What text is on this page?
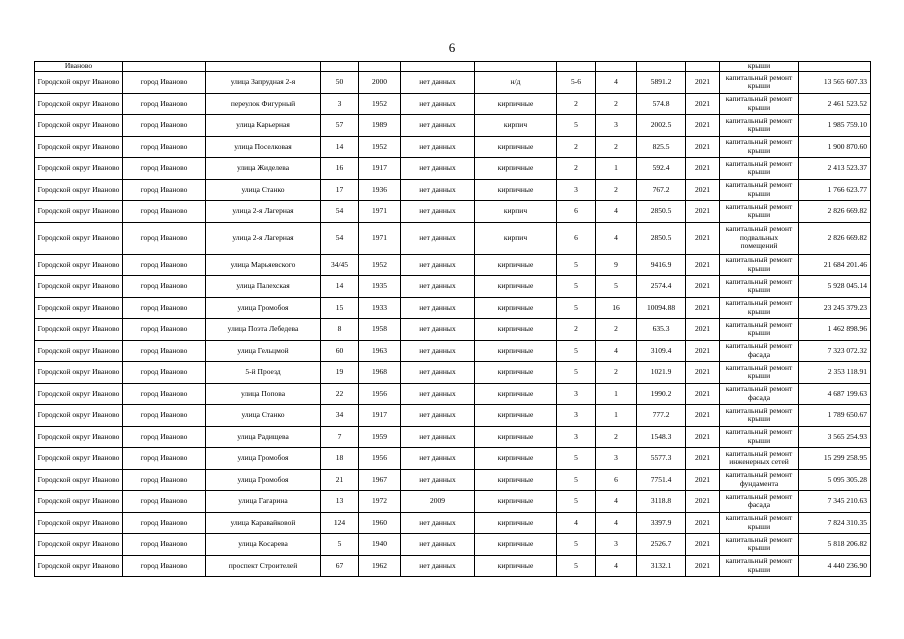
6
Иваново											крыши	
Городской округ Иваново	город Иваново	улица Запрудная 2-я	50	2000	нет данных	н/д	5-6	4	5891.2	2021	капитальный ремонт крыши	13 565 607.33
Городской округ Иваново	город Иваново	переулок Фигурный	3	1952	нет данных	кирпичные	2	2	574.8	2021	капитальный ремонт крыши	2 461 523.52
Городской округ Иваново	город Иваново	улица Карьерная	57	1989	нет данных	кирпич	5	3	2002.5	2021	капитальный ремонт крыши	1 985 759.10
Городской округ Иваново	город Иваново	улица Поселковая	14	1952	нет данных	кирпичные	2	2	825.5	2021	капитальный ремонт крыши	1 900 870.60
Городской округ Иваново	город Иваново	улица Жиделева	16	1917	нет данных	кирпичные	2	1	592.4	2021	капитальный ремонт крыши	2 413 523.37
Городской округ Иваново	город Иваново	улица Станко	17	1936	нет данных	кирпичные	3	2	767.2	2021	капитальный ремонт крыши	1 766 623.77
Городской округ Иваново	город Иваново	улица 2-я Лагерная	54	1971	нет данных	кирпич	6	4	2850.5	2021	капитальный ремонт крыши	2 826 669.82
Городской округ Иваново	город Иваново	улица 2-я Лагерная	54	1971	нет данных	кирпич	6	4	2850.5	2021	капитальный ремонт подвальных помещений	2 826 669.82
Городской округ Иваново	город Иваново	улица Марьяевского	34/45	1952	нет данных	кирпичные	5	9	9416.9	2021	капитальный ремонт крыши	21 684 201.46
Городской округ Иваново	город Иваново	улица Палехская	14	1935	нет данных	кирпичные	5	5	2574.4	2021	капитальный ремонт крыши	5 928 045.14
Городской округ Иваново	город Иваново	улица Громобоя	15	1933	нет данных	кирпичные	5	16	10094.88	2021	капитальный ремонт крыши	23 245 379.23
Городской округ Иваново	город Иваново	улица Поэта Лебедева	8	1958	нет данных	кирпичные	2	2	635.3	2021	капитальный ремонт крыши	1 462 898.96
Городской округ Иваново	город Иваново	улица Гельцмой	60	1963	нет данных	кирпичные	5	4	3109.4	2021	капитальный ремонт фасада	7 323 072.32
Городской округ Иваново	город Иваново	5-й Проезд	19	1968	нет данных	кирпичные	5	2	1021.9	2021	капитальный ремонт крыши	2 353 118.91
Городской округ Иваново	город Иваново	улица Попова	22	1956	нет данных	кирпичные	3	1	1990.2	2021	капитальный ремонт фасада	4 687 199.63
Городской округ Иваново	город Иваново	улица Станко	34	1917	нет данных	кирпичные	3	1	777.2	2021	капитальный ремонт крыши	1 789 650.67
Городской округ Иваново	город Иваново	улица Радищева	7	1959	нет данных	кирпичные	3	2	1548.3	2021	капитальный ремонт крыши	3 565 254.93
Городской округ Иваново	город Иваново	улица Громобоя	18	1956	нет данных	кирпичные	5	3	5577.3	2021	капитальный ремонт инженерных сетей	15 299 258.95
Городской округ Иваново	город Иваново	улица Громобоя	21	1967	нет данных	кирпичные	5	6	7751.4	2021	капитальный ремонт фундамента	5 095 305.28
Городской округ Иваново	город Иваново	улица Гагарина	13	1972	2009	кирпичные	5	4	3118.8	2021	капитальный ремонт фасада	7 345 210.63
Городской округ Иваново	город Иваново	улица Каравайковой	124	1960	нет данных	кирпичные	4	4	3397.9	2021	капитальный ремонт крыши	7 824 310.35
Городской округ Иваново	город Иваново	улица Косарева	5	1940	нет данных	кирпичные	5	3	2526.7	2021	капитальный ремонт крыши	5 818 206.82
Городской округ Иваново	город Иваново	проспект Строителей	67	1962	нет данных	кирпичные	5	4	3132.1	2021	капитальный ремонт крыши	4 440 236.90
